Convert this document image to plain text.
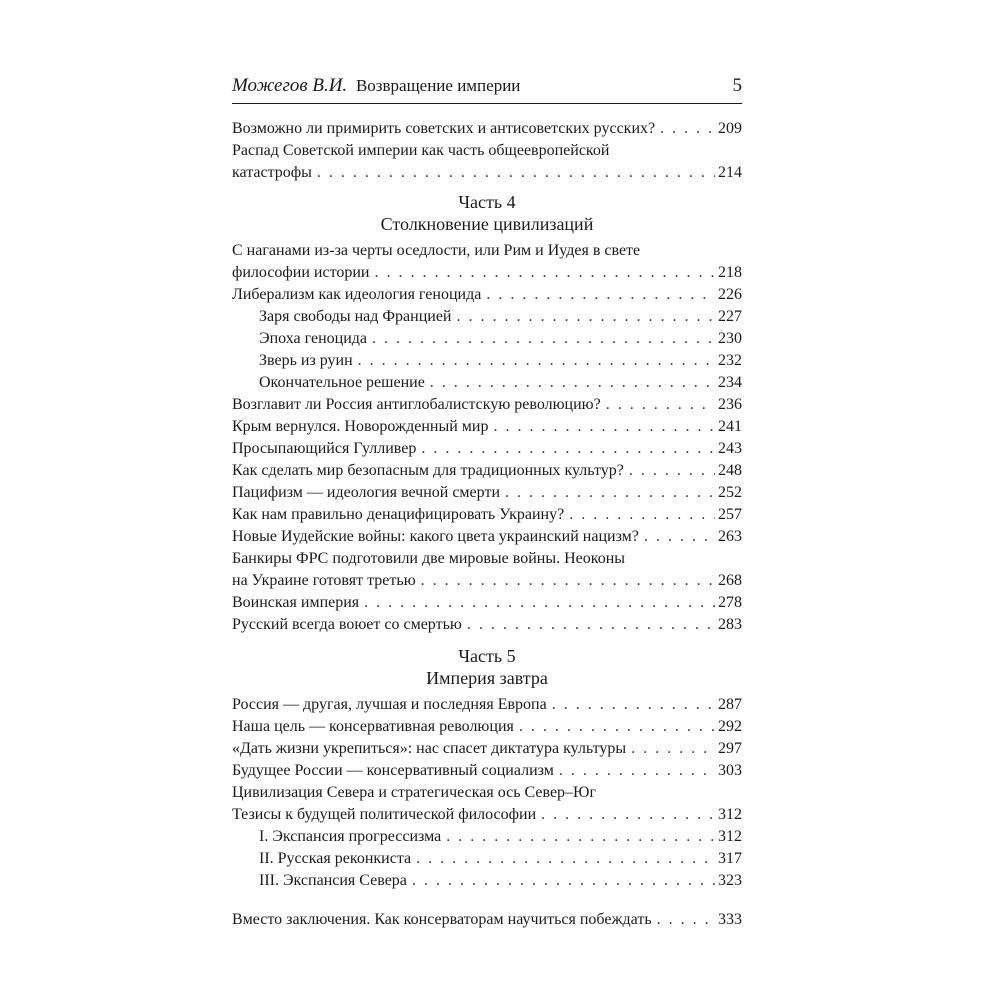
Можегов В.И. Возвращение империи	5
Возможно ли примирить советских и антисоветских русских? . . .	209
Распад Советской империи как часть общеевропейской
катастрофы . . .	214
Часть 4
Столкновение цивилизаций
С наганами из-за черты оседлости, или Рим и Иудея в свете
философии истории . . .	218
Либерализм как идеология геноцида . . .	226
Заря свободы над Францией . . .	227
Эпоха геноцида . . .	230
Зверь из руин . . .	232
Окончательное решение . . .	234
Возглавит ли Россия антиглобалистскую революцию? . . .	236
Крым вернулся. Новорожденный мир . . .	241
Просыпающийся Гулливер . . .	243
Как сделать мир безопасным для традиционных культур? . . .	248
Пацифизм — идеология вечной смерти . . .	252
Как нам правильно денацифицировать Украину? . . .	257
Новые Иудейские войны: какого цвета украинский нацизм? . . .	263
Банкиры ФРС подготовили две мировые войны. Неоконы
на Украине готовят третью . . .	268
Воинская империя . . .	278
Русский всегда воюет со смертью . . .	283
Часть 5
Империя завтра
Россия — другая, лучшая и последняя Европа . . .	287
Наша цель — консервативная революция . . .	292
«Дать жизни укрепиться»: нас спасет диктатура культуры . . .	297
Будущее России — консервативный социализм . . .	303
Цивилизация Севера и стратегическая ось Север–Юг
Тезисы к будущей политической философии . . .	312
I. Экспансия прогрессизма . . .	312
II. Русская реконкиста . . .	317
III. Экспансия Севера . . .	323
Вместо заключения. Как консерваторам научиться побеждать . . .	333
